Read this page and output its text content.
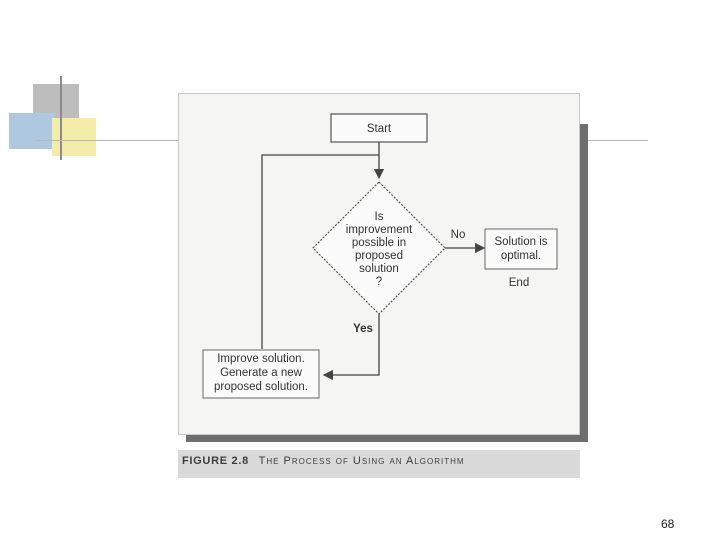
Start
Is
improvement
possible in
proposed
solution
?
No
Solution is
optimal.
End
Yes
Improve solution.
Generate a new
proposed solution.
FIGURE 2.8 The Process of Using an Algorithm
68
